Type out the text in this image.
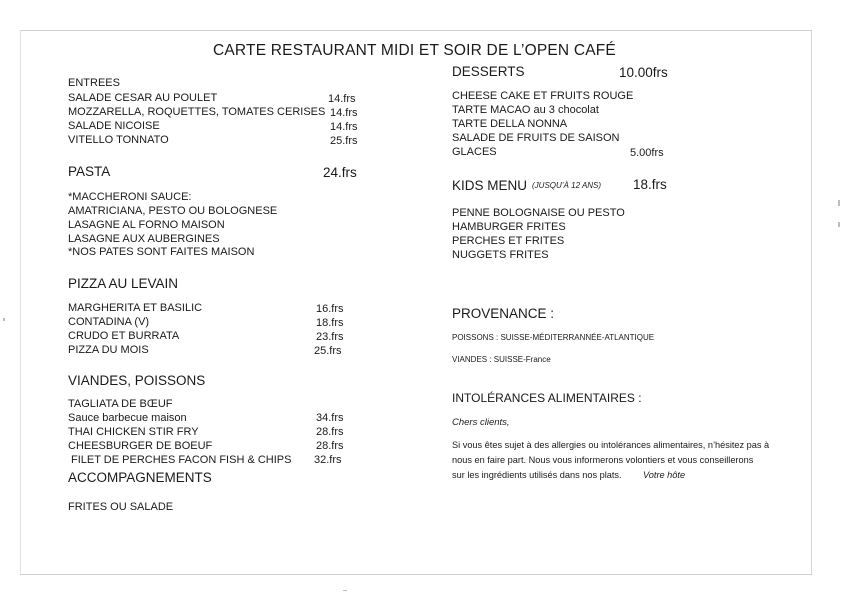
CARTE RESTAURANT MIDI ET SOIR DE L’OPEN CAFÉ
ENTREES
SALADE CESAR AU POULET	14.frs
MOZZARELLA, ROQUETTES, TOMATES CERISES 14.frs
SALADE NICOISE	14.frs
VITELLO TONNATO	25.frs
PASTA	24.frs
*MACCHERONI SAUCE:
AMATRICIANA, PESTO OU BOLOGNESE
LASAGNE AL FORNO MAISON
LASAGNE AUX AUBERGINES
*NOS PATES SONT FAITES MAISON
PIZZA AU LEVAIN
MARGHERITA ET BASILIC	16.frs
CONTADINA (V)	18.frs
CRUDO ET BURRATA	23.frs
PIZZA DU MOIS	25.frs
VIANDES, POISSONS
TAGLIATA DE BŒUF
Sauce barbecue maison	34.frs
THAI CHICKEN STIR FRY	28.frs
CHEESBURGER DE BOEUF	28.frs
FILET DE PERCHES FACON FISH & CHIPS 32.frs
ACCOMPAGNEMENTS
FRITES OU SALADE
DESSERTS	10.00frs
CHEESE CAKE ET FRUITS ROUGE
TARTE MACAO au 3 chocolat
TARTE DELLA NONNA
SALADE DE FRUITS DE SAISON
GLACES	5.00frs
KIDS MENU (JUSQU’À 12 ANS) 18.frs
PENNE BOLOGNAISE OU PESTO
HAMBURGER FRITES
PERCHES ET FRITES
NUGGETS FRITES
PROVENANCE :
POISSONS : SUISSE-MÉDITERRANNÉE-ATLANTIQUE
VIANDES : SUISSE-France
INTOLÉRANCES ALIMENTAIRES :
Chers clients,
Si vous êtes sujet à des allergies ou intolérances alimentaires, n’hésitez pas à
nous en faire part. Nous vous informerons volontiers et vous conseillerons
sur les ingrédients utilisés dans nos plats. Votre hôte
